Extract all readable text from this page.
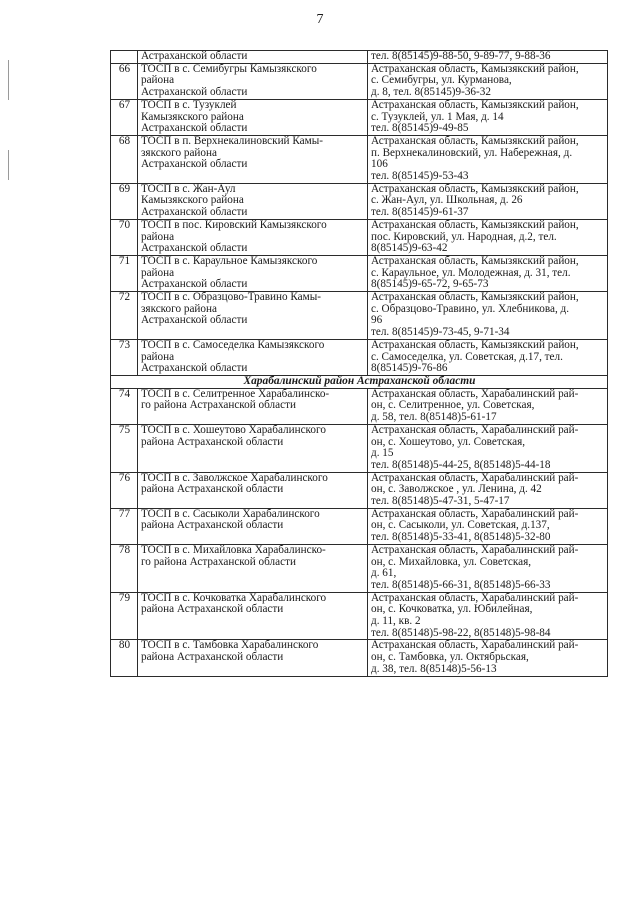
7

	Астраханской области	тел. 8(85145)9-88-50, 9-89-77, 9-88-36

66	ТОСП в с. Семибугры Камызякского
района
Астраханской области	Астраханская область, Камызякский район,
с. Семибугры, ул. Курманова,
д. 8, тел. 8(85145)9-36-32

67	ТОСП в с. Тузуклей
Камызякского района
Астраханской области	Астраханская область, Камызякский район,
с. Тузуклей, ул. 1 Мая, д. 14
тел. 8(85145)9-49-85

68	ТОСП в п. Верхнекалиновский Камы-
зякского района
Астраханской области	Астраханская область, Камызякский район,
п. Верхнекалиновский, ул. Набережная, д.
106
тел. 8(85145)9-53-43

69	ТОСП в с. Жан-Аул
Камызякского района
Астраханской области	Астраханская область, Камызякский район,
с. Жан-Аул, ул. Школьная, д. 26
тел. 8(85145)9-61-37

70	ТОСП в пос. Кировский Камызякского
района
Астраханской области	Астраханская область, Камызякский район,
пос. Кировский, ул. Народная, д.2, тел.
8(85145)9-63-42

71	ТОСП в с. Караульное Камызякского
района
Астраханской области	Астраханская область, Камызякский район,
с. Караульное, ул. Молодежная, д. 31, тел.
8(85145)9-65-72, 9-65-73

72	ТОСП в с. Образцово-Травино Камы-
зякского района
Астраханской области	Астраханская область, Камызякский район,
с. Образцово-Травино, ул. Хлебникова, д.
96
тел. 8(85145)9-73-45, 9-71-34

73	ТОСП в с. Самоседелка Камызякского
района
Астраханской области	Астраханская область, Камызякский район,
с. Самоседелка, ул. Советская, д.17, тел.
8(85145)9-76-86

Харабалинский район Астраханской области		
74	ТОСП в с. Селитренное Харабалинско-
го района Астраханской области	Астраханская область, Харабалинский рай-
он, с. Селитренное, ул. Советская,
д. 58, тел. 8(85148)5-61-17

75	ТОСП в с. Хошеутово Харабалинского
района Астраханской области	Астраханская область, Харабалинский рай-
он, с. Хошеутово, ул. Советская,
д. 15
тел. 8(85148)5-44-25, 8(85148)5-44-18

76	ТОСП в с. Заволжское Харабалинского
района Астраханской области	Астраханская область, Харабалинский рай-
он, с. Заволжское , ул. Ленина, д. 42
тел. 8(85148)5-47-31, 5-47-17

77	ТОСП в с. Сасыколи Харабалинского
района Астраханской области	Астраханская область, Харабалинский рай-
он, с. Сасыколи, ул. Советская, д.137,
тел. 8(85148)5-33-41, 8(85148)5-32-80

78	ТОСП в с. Михайловка Харабалинско-
го района Астраханской области	Астраханская область, Харабалинский рай-
он, с. Михайловка, ул. Советская,
д. 61,
тел. 8(85148)5-66-31, 8(85148)5-66-33

79	ТОСП в с. Кочковатка Харабалинского
района Астраханской области	Астраханская область, Харабалинский рай-
он, с. Кочковатка, ул. Юбилейная,
д. 11, кв. 2
тел. 8(85148)5-98-22, 8(85148)5-98-84

80	ТОСП в с. Тамбовка Харабалинского
района Астраханской области	Астраханская область, Харабалинский рай-
он, с. Тамбовка, ул. Октябрьская,
д. 38, тел. 8(85148)5-56-13
